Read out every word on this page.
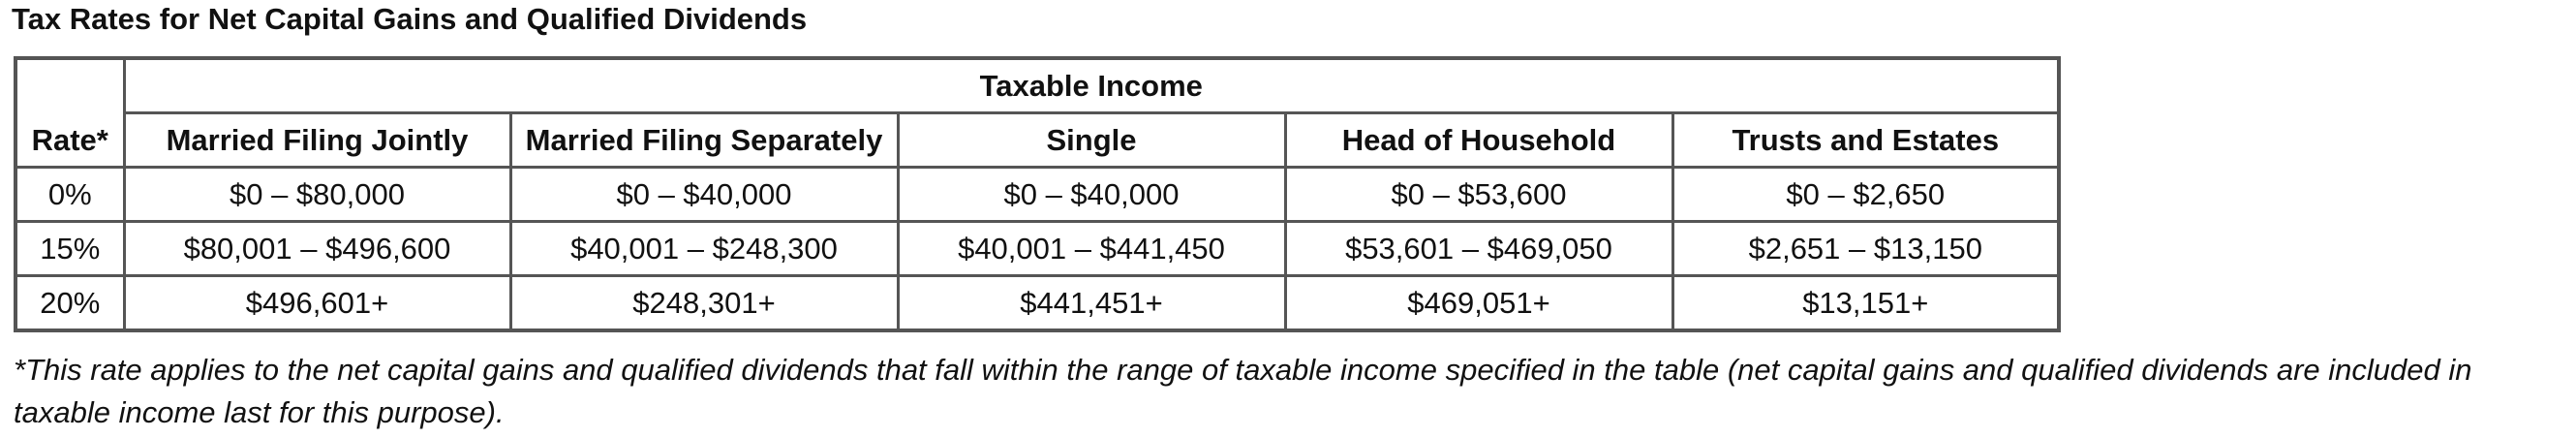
Tax Rates for Net Capital Gains and Qualified Dividends
Rate*	Taxable Income				
	Married Filing Jointly	Married Filing Separately	Single	Head of Household	Trusts and Estates
0%	$0 – $80,000	$0 – $40,000	$0 – $40,000	$0 – $53,600	$0 – $2,650
15%	$80,001 – $496,600	$40,001 – $248,300	$40,001 – $441,450	$53,601 – $469,050	$2,651 – $13,150
20%	$496,601+	$248,301+	$441,451+	$469,051+	$13,151+
*This rate applies to the net capital gains and qualified dividends that fall within the range of taxable income specified in the table (net capital gains and qualified dividends are included in taxable income last for this purpose).
